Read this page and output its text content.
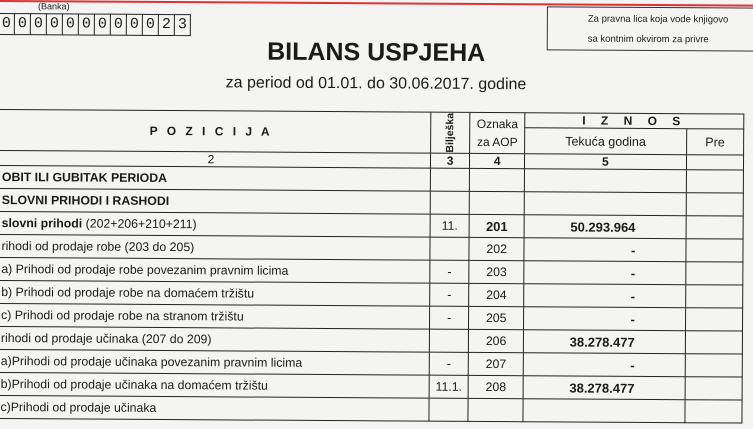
(Banka)
0 0 0 0 0 0 0 0 0 0 2 3	Za pravna lica koja vode knjigovo
sa kontnim okvirom za privre
BILANS USPJEHA
za period od 01.01. do 30.06.2017. godine
P O Z I C I J A	Bilješka	Oznaka za AOP	I Z N O S	
			Tekuća godina	Pre
2	3	4	5	
OBIT ILI GUBITAK PERIODA				
SLOVNI PRIHODI I RASHODI				
slovni prihodi (202+206+210+211)	11.	201	50.293.964	
rihodi od prodaje robe (203 do 205)		202	-	
a) Prihodi od prodaje robe povezanim pravnim licima	-	203	-	
b) Prihodi od prodaje robe na domaćem tržištu	-	204	-	
c) Prihodi od prodaje robe na stranom tržištu	-	205	-	
rihodi od prodaje učinaka (207 do 209)		206	38.278.477	
a)Prihodi od prodaje učinaka povezanim pravnim licima	-	207	-	
b)Prihodi od prodaje učinaka na domaćem tržištu	11.1.	208	38.278.477	
c)Prihodi od prodaje učinaka				
